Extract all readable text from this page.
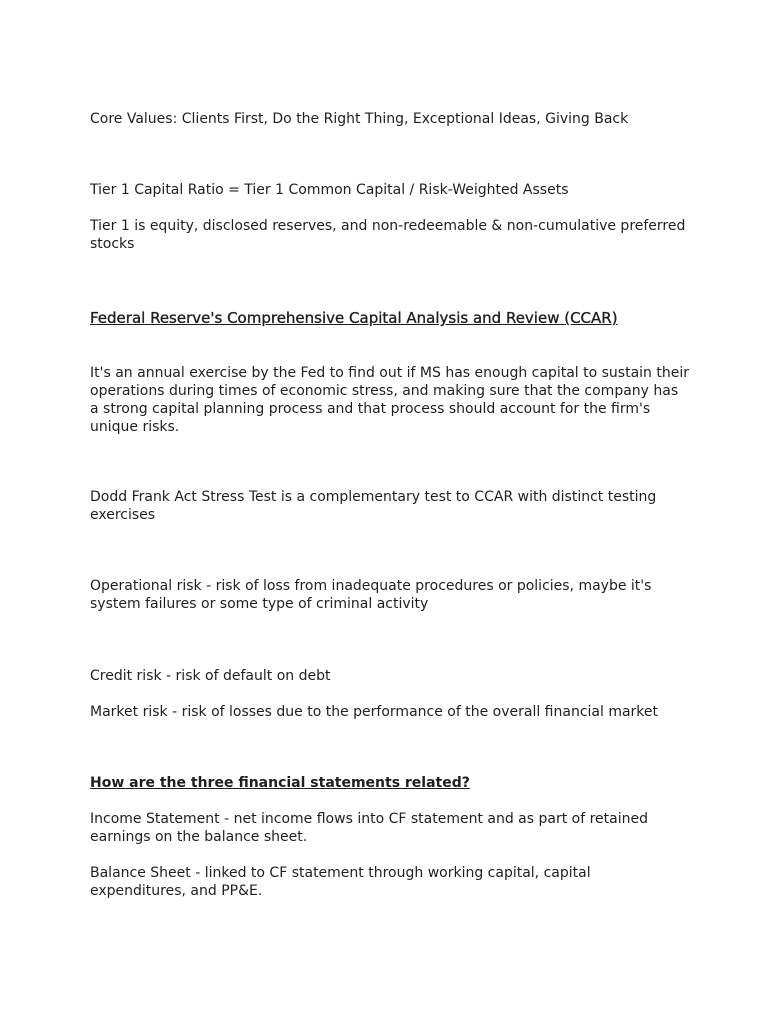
Core Values: Clients First, Do the Right Thing, Exceptional Ideas, Giving Back

Tier 1 Capital Ratio = Tier 1 Common Capital / Risk-Weighted Assets

Tier 1 is equity, disclosed reserves, and non-redeemable & non-cumulative preferred stocks

Federal Reserve's Comprehensive Capital Analysis and Review (CCAR)

It's an annual exercise by the Fed to find out if MS has enough capital to sustain their operations during times of economic stress, and making sure that the company has a strong capital planning process and that process should account for the firm's unique risks.

Dodd Frank Act Stress Test is a complementary test to CCAR with distinct testing exercises

Operational risk - risk of loss from inadequate procedures or policies, maybe it's system failures or some type of criminal activity

Credit risk - risk of default on debt

Market risk - risk of losses due to the performance of the overall financial market

How are the three financial statements related?

Income Statement - net income flows into CF statement and as part of retained earnings on the balance sheet.

Balance Sheet - linked to CF statement through working capital, capital expenditures, and PP&E.
